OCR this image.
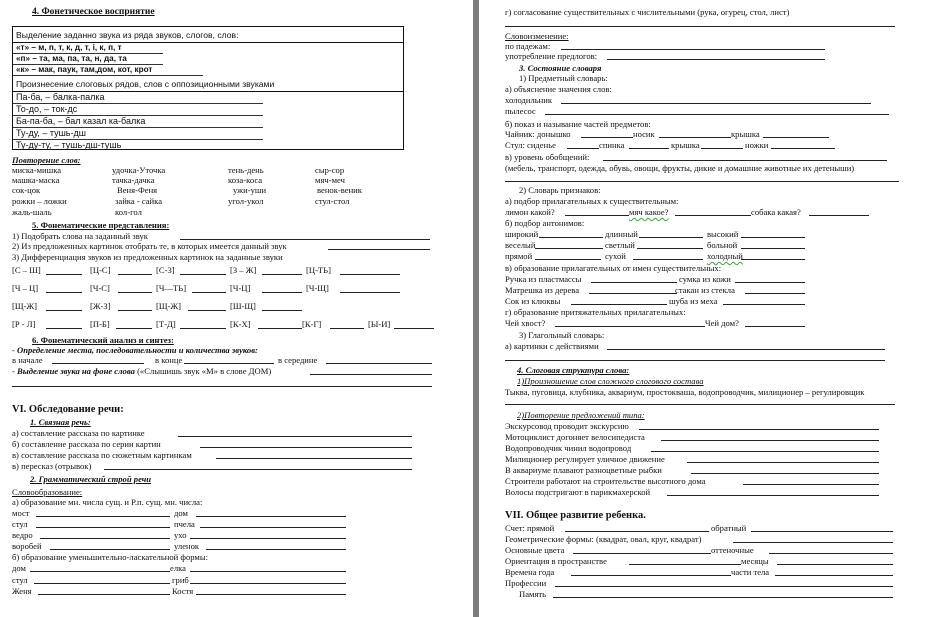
4. Фонетическое восприятие
Выделение заданно звука из ряда звуков, слогов, слов:
«т» – м, п, т, к, д, т, і, к, п, т
«п» – та, ма, па, та, н, да, та
«к» – мак, паук, там,дом, кот, крот
Произнесение слоговых рядов, слов с оппозиционными звуками
Па-ба, – балка-палка
То-до, – ток-дс
Ба-па-ба, – бал казал ка-балка
Ту-ду, – тушь-дш
Ту-ду-ту, – тушь-дш-тушь
Повторение слов:
миска-мишка	удочка-Уточка	тень-день	сыр-сор
машка-маска	тачка-дачка	коза-коса	мяч-меч
сок-цок	Веня-Феня	ужи-уши	венок-веник
рожки – ложки	зайка - сайка	угол-укол	стул-стол
жаль-шаль	кол-гол
5. Фонематические представления:
1) Подобрать слова на заданный звук
2) Из предложенных картинок отобрать те, в которых имеется данный звук
3) Дифференциация звуков из предложенных картинок на заданные звуки
[С – Ш]	[Ц-С]	[С-З]	[З – Ж]	[Ц-ТЬ]
[Ч – Ц]	[Ч-С]	[Ч—ТЬ]	[Ч-Ц]	[Ч-Щ]
[Щ-Ж]	[Ж-З]	[Щ-Ж]	[Ш-Щ]
[Р - Л]	[П-Б]	[Т-Д]	[К-Х]	[К-Г]	[Ы-И]
6. Фонематический анализ и синтез:
- Определение места, последовательности и количества звуков:
в начале	в конце	в середине
- Выделение звука на фоне слова («Слышишь звук «М» в слове ДОМ)
VI. Обследование речи:
1. Связная речь:
а) составление рассказа по картинке
б) составление рассказа по серии картин
в) составление рассказа по сюжетным картинкам
в) пересказ (отрывок)
2. Грамматический строй речи
Словообразование:
а) образование мн. числа сущ. и Р.п. сущ. мн. числа:
мост	дом
стул	пчела
ведро	ухо
воробей	уленок
б) образование уменьшительно-ласкательной формы:
дом	елка
стул	гриб
Женя	Костя
г) согласование существительных с числительными (рука, огурец, стол, лист)
Словоизменение:
по падежам:
употребление предлогов:
3. Состояние словаря
1) Предметный словарь:
а) объяснение значения слов:
холодильник
пылесос
б) показ и называние частей предметов:
Чайник: донышко	носик	крышка
Стул: сиденье	спинка	крышка	ножки
в) уровень обобщений:
(мебель, транспорт, одежда, обувь, овощи, фрукты, дикие и домашние животные их детеныши)
2) Словарь признаков:
а) подбор прилагательных к существительным:
лимон какой?	мяч какое?	собака какая?
б) подбор антонимов:
широкий	длинный	высокий
веселый	светлый	больной
прямой	сухой	холодный
в) образование прилагательных от имен существительных:
Ручка из пластмассы	сумка из кожи
Матрешка из дерева	стакан из стекла
Сок из клюквы	шуба из меха
г) образование притяжательных прилагательных:
Чей хвост?	Чей дом?
3) Глагольный словарь:
а) картинки с действиями
4. Слоговая структура слова:
1)Произношение слов сложного слогового состава
Тыква, пуговица, клубника, аквариум, простокваша, водопроводчик, милиционер – регулировщик
2)Повторение предложений типа:
Экскурсовод проводит экскурсию
Мотоциклист догоняет велосипедиста
Водопроводчик чинил водопровод
Милиционер регулирует уличное движение
В аквариуме плавают разноцветные рыбки
Строители работают на строительстве высотного дома
Волосы подстригают в парикмахерской
VII. Общее развитие ребенка.
Счет: прямой	обратный
Геометрические формы: (квадрат, овал, круг, квадрат)
Основные цвета	оттеночные
Ориентация в пространстве	месяцы
Времена года	части тела
Профессии
Память
